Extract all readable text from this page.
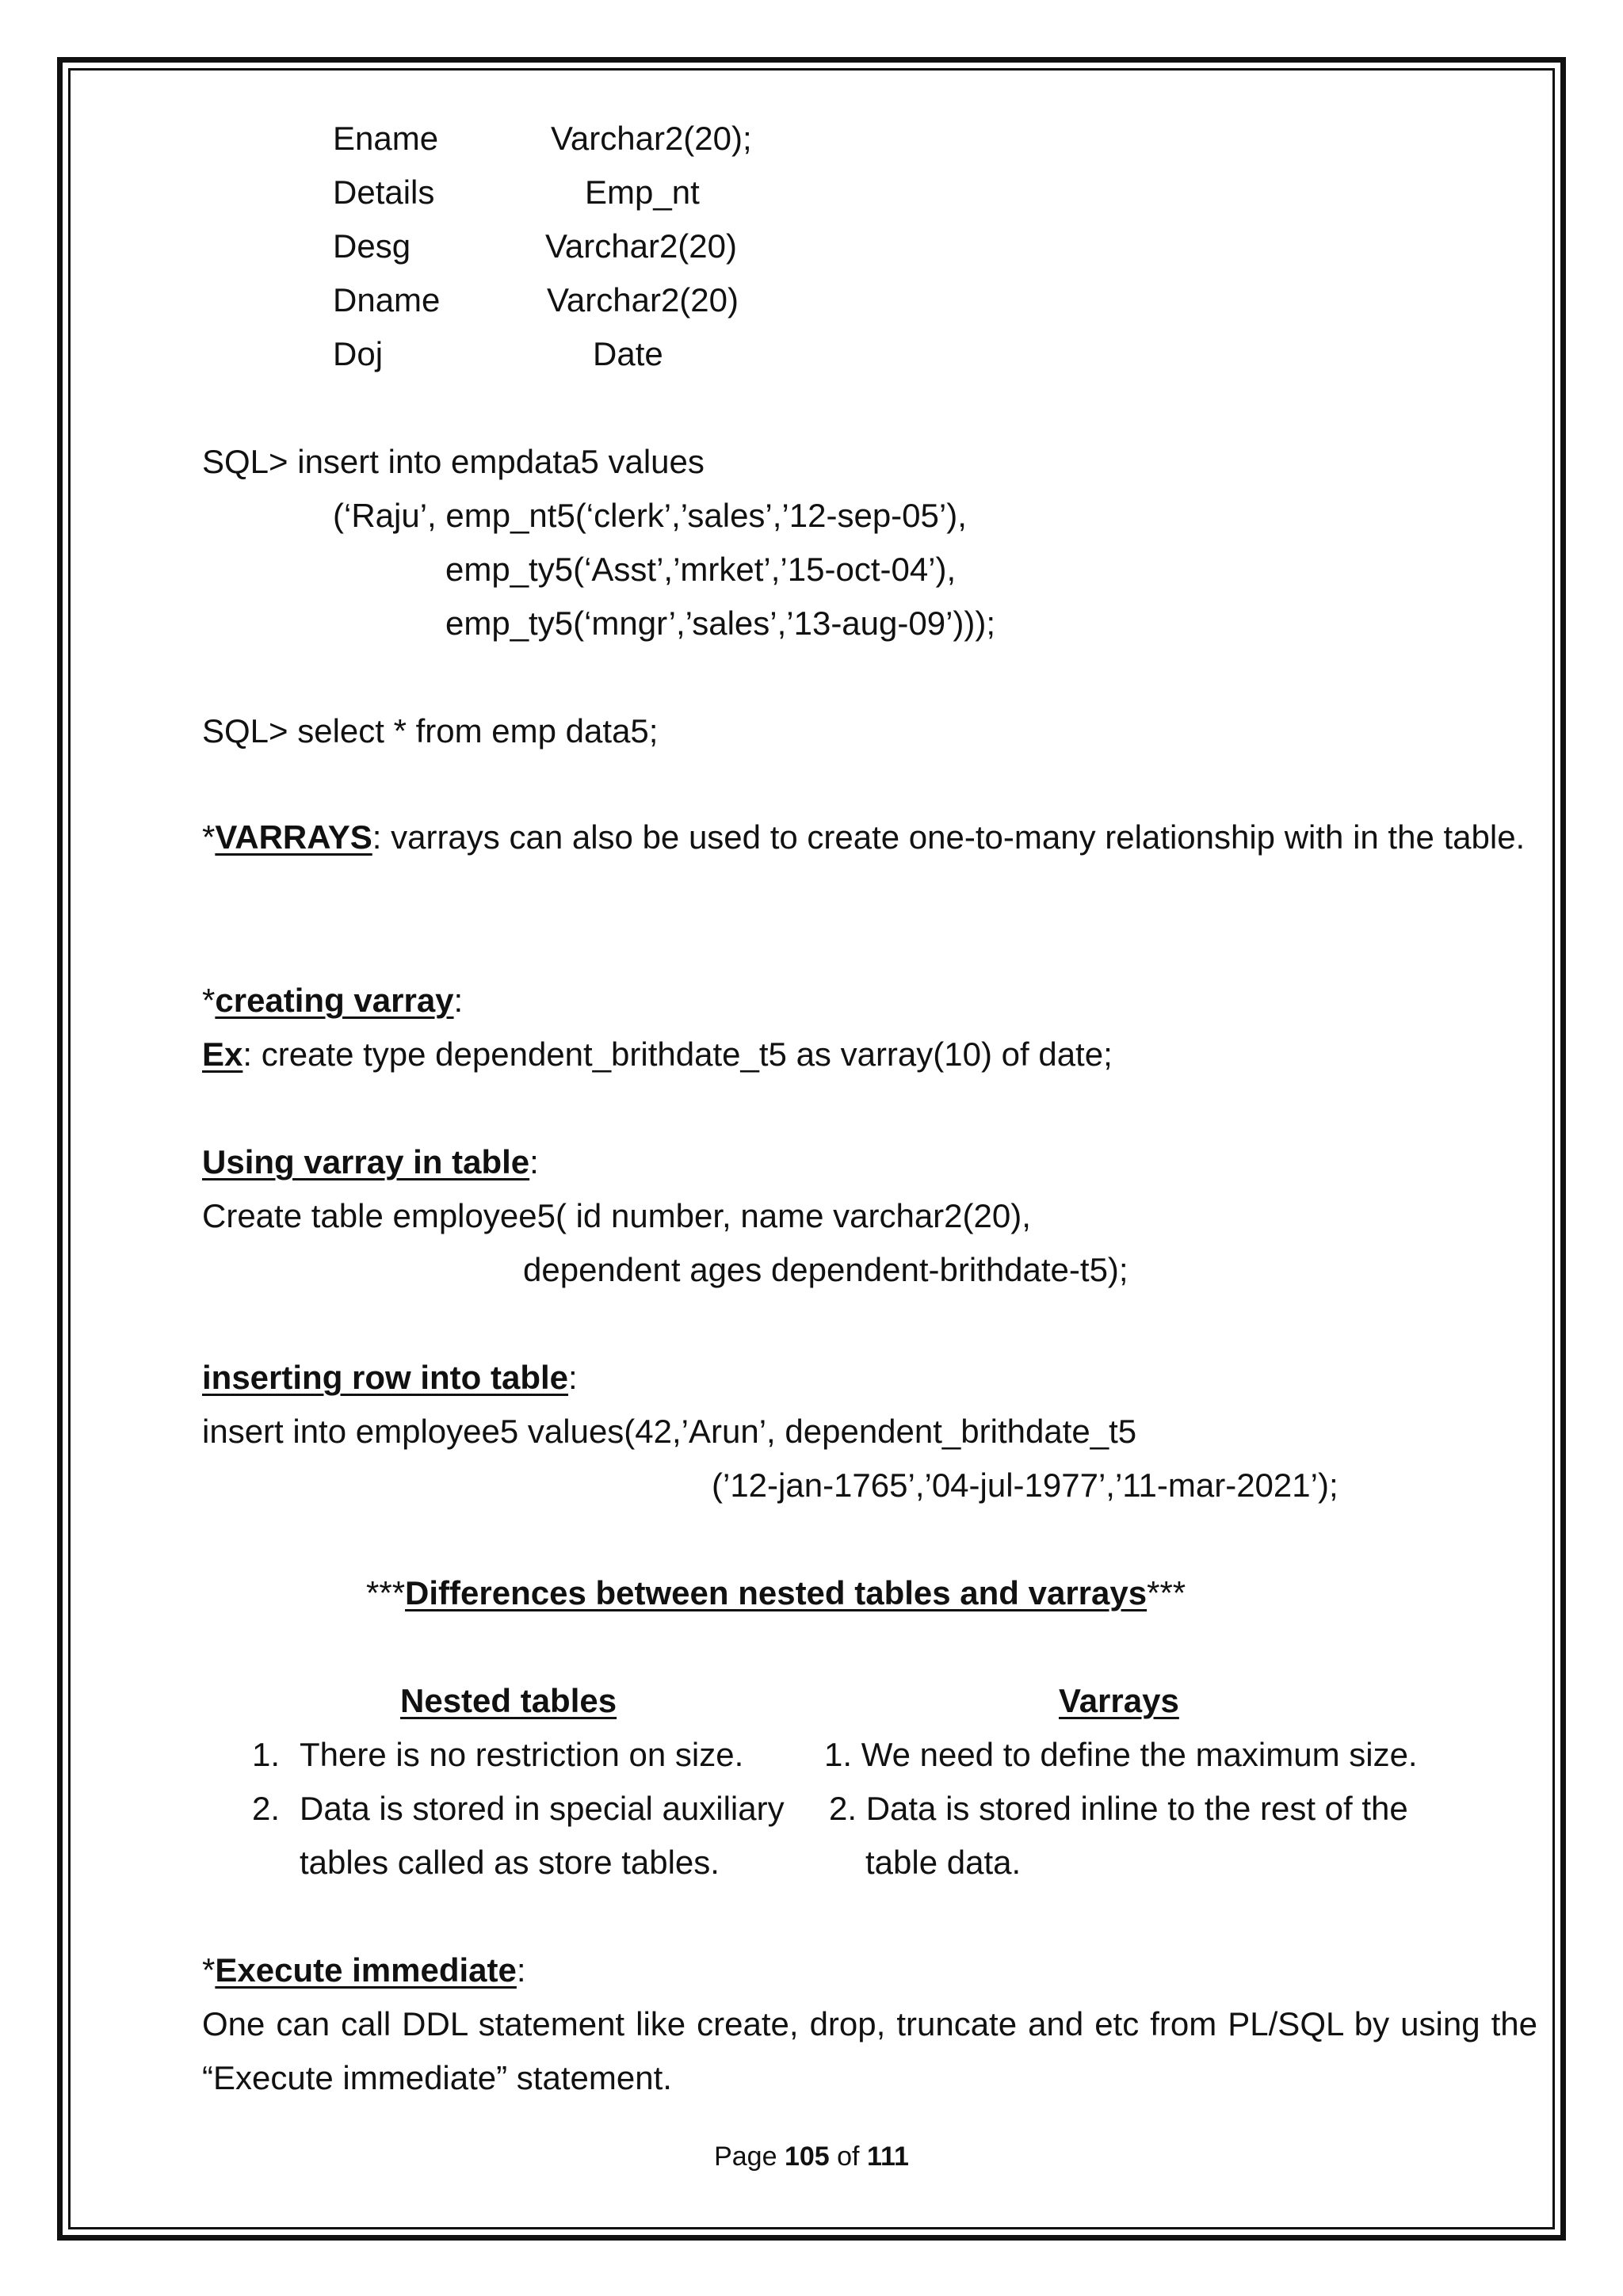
Ename	Varchar2(20);
Details	Emp_nt
Desg	Varchar2(20)
Dname	Varchar2(20)
Doj	Date
SQL> insert into empdata5 values
(‘Raju’, emp_nt5(‘clerk’,’sales’,’12-sep-05’),
emp_ty5(‘Asst’,’mrket’,’15-oct-04’),
emp_ty5(‘mngr’,’sales’,’13-aug-09’)));
SQL> select * from emp data5;
*VARRAYS: varrays can also be used to create one-to-many relationship with in the table.
*creating varray:
Ex: create type dependent_brithdate_t5 as varray(10) of date;
Using varray in table:
Create table employee5( id number, name varchar2(20),
dependent ages dependent-brithdate-t5);
inserting row into table:
insert into employee5 values(42,’Arun’, dependent_brithdate_t5
(’12-jan-1765’,’04-jul-1977’,’11-mar-2021’);
***Differences between nested tables and varrays***
Nested tables	Varrays
1. There is no restriction on size. 1. We need to define the maximum size.
2. Data is stored in special auxiliary 2. Data is stored inline to the rest of the
tables called as store tables.	table data.
*Execute immediate:
One can call DDL statement like create, drop, truncate and etc from PL/SQL by using the “Execute immediate” statement.
Page 105 of 111
